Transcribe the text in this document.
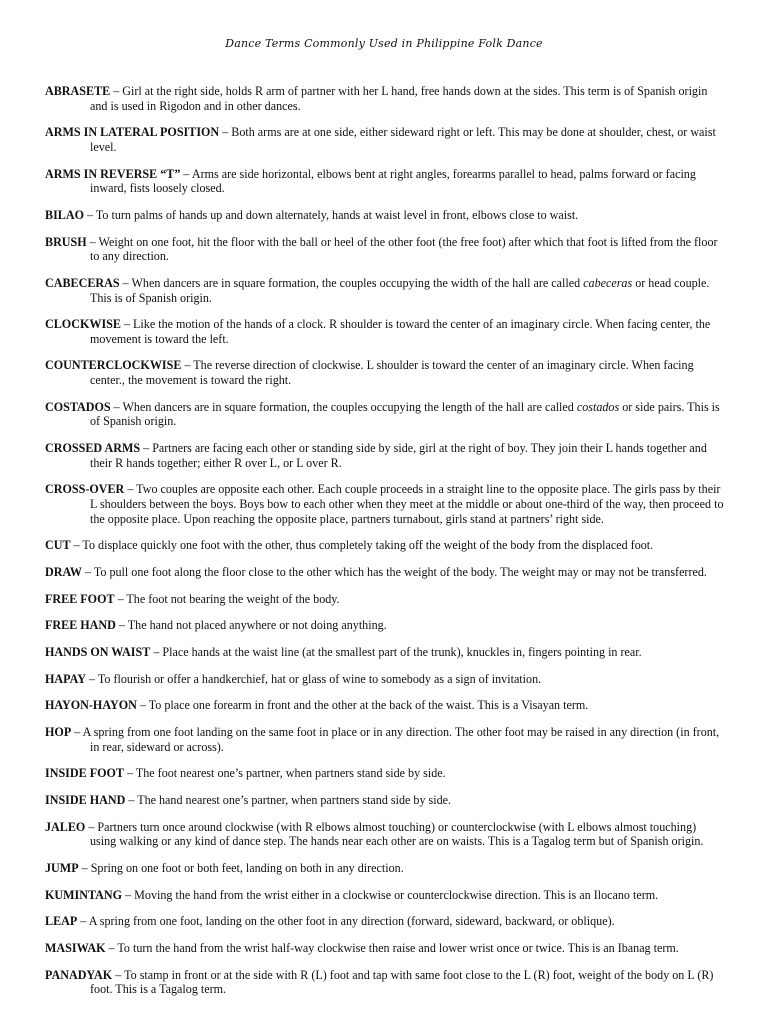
Dance Terms Commonly Used in Philippine Folk Dance

ABRASETE – Girl at the right side, holds R arm of partner with her L hand, free hands down at the sides. This term is of Spanish origin and is used in Rigodon and in other dances.

ARMS IN LATERAL POSITION – Both arms are at one side, either sideward right or left. This may be done at shoulder, chest, or waist level.

ARMS IN REVERSE “T” – Arms are side horizontal, elbows bent at right angles, forearms parallel to head, palms forward or facing inward, fists loosely closed.

BILAO – To turn palms of hands up and down alternately, hands at waist level in front, elbows close to waist.

BRUSH – Weight on one foot, hit the floor with the ball or heel of the other foot (the free foot) after which that foot is lifted from the floor to any direction.

CABECERAS – When dancers are in square formation, the couples occupying the width of the hall are called cabeceras or head couple. This is of Spanish origin.

CLOCKWISE – Like the motion of the hands of a clock. R shoulder is toward the center of an imaginary circle. When facing center, the movement is toward the left.

COUNTERCLOCKWISE – The reverse direction of clockwise. L shoulder is toward the center of an imaginary circle. When facing center., the movement is toward the right.

COSTADOS – When dancers are in square formation, the couples occupying the length of the hall are called costados or side pairs. This is of Spanish origin.

CROSSED ARMS – Partners are facing each other or standing side by side, girl at the right of boy. They join their L hands together and their R hands together; either R over L, or L over R.

CROSS-OVER – Two couples are opposite each other. Each couple proceeds in a straight line to the opposite place. The girls pass by their L shoulders between the boys. Boys bow to each other when they meet at the middle or about one-third of the way, then proceed to the opposite place. Upon reaching the opposite place, partners turnabout, girls stand at partners’ right side.

CUT – To displace quickly one foot with the other, thus completely taking off the weight of the body from the displaced foot.

DRAW – To pull one foot along the floor close to the other which has the weight of the body. The weight may or may not be transferred.

FREE FOOT – The foot not bearing the weight of the body.

FREE HAND – The hand not placed anywhere or not doing anything.

HANDS ON WAIST – Place hands at the waist line (at the smallest part of the trunk), knuckles in, fingers pointing in rear.

HAPAY – To flourish or offer a handkerchief, hat or glass of wine to somebody as a sign of invitation.

HAYON-HAYON – To place one forearm in front and the other at the back of the waist. This is a Visayan term.

HOP – A spring from one foot landing on the same foot in place or in any direction. The other foot may be raised in any direction (in front, in rear, sideward or across).

INSIDE FOOT – The foot nearest one’s partner, when partners stand side by side.

INSIDE HAND – The hand nearest one’s partner, when partners stand side by side.

JALEO – Partners turn once around clockwise (with R elbows almost touching) or counterclockwise (with L elbows almost touching) using walking or any kind of dance step. The hands near each other are on waists. This is a Tagalog term but of Spanish origin.

JUMP – Spring on one foot or both feet, landing on both in any direction.

KUMINTANG – Moving the hand from the wrist either in a clockwise or counterclockwise direction. This is an Ilocano term.

LEAP – A spring from one foot, landing on the other foot in any direction (forward, sideward, backward, or oblique).

MASIWAK – To turn the hand from the wrist half-way clockwise then raise and lower wrist once or twice. This is an Ibanag term.

PANADYAK – To stamp in front or at the side with R (L) foot and tap with same foot close to the L (R) foot, weight of the body on L (R) foot. This is a Tagalog term.
